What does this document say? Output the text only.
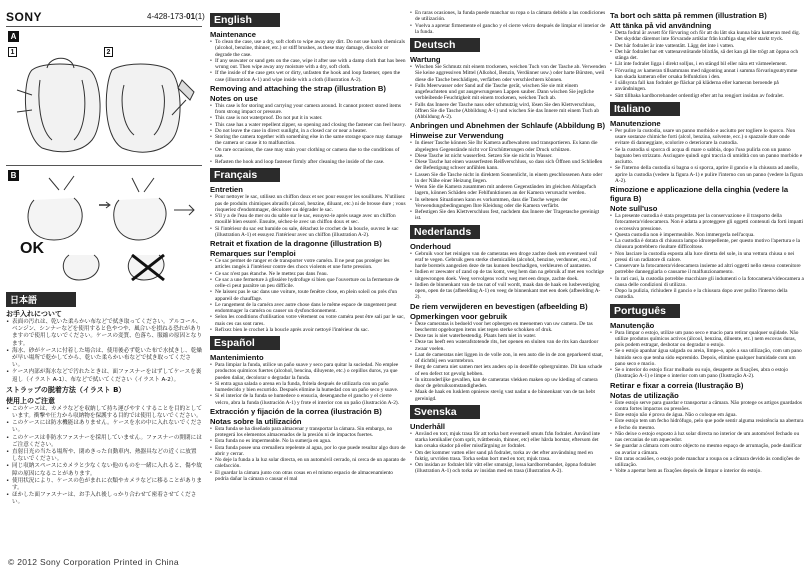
SONY	4-428-173-01(1)
A
1	2
B
OK
日本語
お手入れについて
• 表面の汚れは、乾いた柔らかい布などで拭き取ってください。アルコール、ベンジン、シンナーなどを使用すると色やつや、風合いを損ねる恐れがありますので使用しないでください。ケースの変質、色落ち、服縮の原因となります。
• 海水、砂がケースに付着した場合は、使用後必ず乾いた布で水拭きし、乾燥が早い場所で乾かしてから、乾いた柔らかい布などで拭き取ってください。
• ケース内部が海水などで汚れたときは、面ファスナーをはずしてケースを裏返し（イラスト A-1）、布などで拭いてください（イラスト A-2）。
ストラップの脱着方法（イラスト B）
使用上のご注意
• このケースは、カメラなどを収納して持ち運びやすくすることを目的としています。衝撃や圧力から収納物を保護する目的では使用しないでください。
• このケースには防水機能はありません。ケースを水の中に入れないでください。
• このケースは非防水ファスナーを採用していません。ファスナーの開閉にはご注意ください。
• 直射日光の当たる場所や、閉めきった自動車内、熱器具などの近くに放置しないでください。
• 同じ収納スペースにカメラと少なくない他のものを一緒に入れると、傷や故障の原因になることがあります。
• 使用状況により、ケースの色がまれに衣類やカメラなどに移ることがあります。
• ほかした面ファスナーは、お手入れ後しっかり合わせて密着させてください。
© 2012 Sony Corporation Printed in China
English
Maintenance
• To clean the case, use a dry, soft cloth to wipe away any dirt. Do not use harsh chemicals (alcohol, benzine, thinner, etc.) or stiff brushes, as these may damage, discolor or degrade the case.
• If any seawater or sand gets on the case, wipe it after use with a damp cloth that has been wrung out. Then wipe away any moisture with a dry, soft cloth.
• If the inside of the case gets wet or dirty, unfasten the hook and loop fastener, open the case (illustration A-1) and wipe inside with a cloth (illustration A-2).
Removing and attaching the strap (illustration B)
Notes on use
• This case is for storing and carrying your camera around. It cannot protect stored items from strong impact or pressure.
• This case is not waterproof. Do not put it in water.
• This case has a water repellent zipper, so opening and closing the fastener can feel heavy.
• Do not leave the case in direct sunlight, in a closed car or near a heater.
• Storing the camera together with something else in the same storage space may damage the camera or cause it to malfunction.
• On rare occasions, the case may stain your clothing or camera due to the conditions of use.
• Refasten the hook and loop fastener firmly after cleaning the inside of the case.
Français
Entretien
• Pour nettoyer le sac, utilisez un chiffon doux et sec pour essuyer les souillures. N'utilisez pas de produits chimiques abrasifs (alcool, benzine, diluant, etc.) ni de brosse dure ; vous risqueriez d'endommager, décolorer ou dégrader le sac.
• S'il y a de l'eau de mer ou du sable sur le sac, essuyez-le après usage avec un chiffon mouillé bien essoré. Ensuite, séchez-le avec un chiffon doux et sec.
• Si l'intérieur du sac est humide ou sale, détachez le crochet de la boucle, ouvrez le sac (illustration A-1) et essuyez l'intérieur avec un chiffon (illustration A-2).
Retrait et fixation de la dragonne (illustration B)
Remarques sur l'emploi
• Ce sac permet de ranger et de transporter votre caméra. Il ne peut pas protéger les articles rangés à l'intérieur contre des chocs violents et une forte pression.
• Ce sac n'est pas étanche. Ne le mettez pas dans l'eau.
• Ce sac a une fermeture à glissière hydrofuge si bien que l'ouverture ou la fermeture de celle-ci peut paraître un peu difficile.
• Ne laissez pas le sac dans une voiture, toute fenêtre close, en plein soleil ou près d'un appareil de chauffage.
• Le rangement de la caméra avec autre chose dans le même espace de rangement peut endommager la caméra ou causer un dysfonctionnement.
• Selon les conditions d'utilisation votre vêtement ou votre caméra peut être sali par le sac, mais ces cas sont rares.
• Refixez bien le crochet à la boucle après avoir nettoyé l'intérieur du sac.
Español
Mantenimiento
• Para limpiar la funda, utilice un paño suave y seco para quitar la suciedad. No emplee productos químicos fuertes (alcohol, bencina, diluyente, etc.) o cepillos duros, ya que pueden dañar, decolorar o degradar la funda.
• Si entra agua salada o arena en la funda, frótela después de utilizarla con un paño humedecido y bien escurrido. Después elimine la humedad con un paño seco y suave.
• Si el interior de la funda se humedece o ensucia, desenganche el gancho y el cierre velcro, abra la funda (ilustración A-1) y frote el interior con un paño (ilustración A-2).
Extracción y fijación de la correa (ilustración B)
Notas sobre la utilización
• Esta funda se ha diseñado para almacenar y transportar la cámara. Sin embargo, no protegerá los elementos almacenados de la presión ni de impactos fuertes.
• Esta funda no es impermeable. No la sumerja en agua.
• Esta funda posee una cremallera repelente al agua, por lo que puede resultar algo duro de abrir y cerrar.
• No deje la funda a la luz solar directa, en un automóvil cerrado, ni cerca de un aparato de calefacción.
• El guardar la cámara junto con otras cosas en el mismo espacio de almacenamiento podría dañar la cámara o causar el mal
• En raras ocasiones, la funda puede manchar su ropa o la cámara debido a las condiciones de utilización.
• Vuelva a apretar firmemente el gancho y el cierre velcro después de limpiar el interior de la funda.
Deutsch
Wartung
• Wischen Sie Schmutz mit einem trockenen, weichen Tuch von der Tasche ab. Verwenden Sie keine aggressiven Mittel (Alkohol, Benzin, Verdünner usw.) oder harte Bürsten, weil diese die Tasche beschädigen, verfärben oder verschlechtern können.
• Falls Meerwasser oder Sand auf die Tasche gerät, wischen Sie sie mit einem angefeuchteten und gut ausgewrungenen Lappen sauber. Dann wischen Sie jegliche verbleibende Feuchtigkeit mit einem trockenen, weichen Tuch ab.
• Falls das Innere der Tasche nass oder schmutzig wird, lösen Sie den Klettverschluss, öffnen Sie die Tasche (Abbildung A-1) und wischen Sie das Innere mit einem Tuch ab (Abbildung A-2).
Anbringen und Abnehmen der Schlaufe (Abbildung B)
Hinweise zur Verwendung
• In dieser Tasche können Sie Ihr Kamera aufbewahren und transportieren. Es kann die abgelegten Gegenstände nicht vor Erschütterungen oder Druck schützen.
• Diese Tasche ist nicht wasserfest. Setzen Sie sie nicht in Wasser.
• Diese Tasche hat einen wasserfesten Reißverschluss, so dass sich Öffnen und Schließen der Befestigung schwer anfühlen kann.
• Lassen Sie die Tasche nicht in direktem Sonnenlicht, in einem geschlossenen Auto oder in der Nähe einer Heizung liegen.
• Wenn Sie die Kamera zusammen mit anderen Gegenständen im gleichen Ablagefach lagern, können Schäden oder Fehlfunktionen an der Kamera verursacht werden.
• In seltenen Situationen kann es vorkommen, dass die Tasche wegen der Verwendungsbedingungen Ihre Kleidung oder die Kamera verfärbt.
• Befestigen Sie den Klettverschluss fest, nachdem das Innere der Tragetasche gereinigt ist.
Nederlands
Onderhoud
• Gebruik voor het reinigen van de cameratas een droge zachte doek om eventueel vuil eraf te vegen. Gebruik geen sterke chemicaliën (alcohol, benzine, verdunner, enz.) of harde borstels aangezien deze de tas kunnen beschadigen, verkleuren of aantasten.
• Indien er zeewater of zand op de tas komt, veeg hem dan na gebruik af met een vochtige uitgewrongen doek. Veeg vervolgens vocht weg met een droge, zachte doek.
• Indien de binnenkant van de tas nat of vuil wordt, maak dan de haak en lusbevestiging open, open de tas (afbeelding A-1) en veeg de binnenkant met een doek (afbeelding A-2).
De riem verwijderen en bevestigen (afbeelding B)
Opmerkingen voor gebruik
• Deze cameratas is bedoeld voor het opbergen en meenemen van uw camera. De tas beschermt opgeborgen items niet tegen sterke schokken of druk.
• Deze tas is niet waterbestendig. Plaats hem niet in water.
• Deze tas heeft een waterafstotende rits, het openen en sluiten van de rits kan daardoor zwaar voelen.
• Laat de cameratas niet liggen in de volle zon, in een auto die in de zon geparkeerd staat, of dichtbij een warmtebron.
• Berg de camera niet samen met iets anders op in dezelfde opbergruimte. Dit kan schade of een defect tot gevolg hebben.
• In uitzonderlijke gevallen, kan de cameratas vlekken maken op uw kleding of camera door de gebruiksomstandigheden.
• Maak de haak en lusklem opnieuw stevig vast nadat u de binnenkant van de tas hebt gereinigd.
Svenska
Underhåll
• Använd en torr, mjuk trasa för att torka bort eventuell smuts från fodralet. Använd inte starka kemikalier (som sprit, tvättbensin, thinner, etc) eller hårda borstar, eftersom det kan orsaka skador på eller missfärgning av fodralet.
• Om det kommer vatten eller sand på fodralet, torka av det efter användning med en fuktig, urvriden trasa. Torka sedan bort med en torr, mjuk trasa.
• Om insidan av fodralet blir vått eller smutsigt, lossa kardborrebandet, öppna fodralet (illustration A-1) och torka av insidan med en trasa (illustration A-2).
Ta bort och sätta på remmen (illustration B)
Att tänka på vid användning
• Detta fodral är avsett för förvaring och för att du lätt ska kunna bära kameran med dig. Det skyddar däremot inte förvarade artiklar från kraftiga slag eller starkt tryck.
• Det här fodralet är inte vattentätt. Lägg det inte i vatten.
• Det här fodralet har ett vattenavstötande blixtlås, så det kan gå lite trögt att öppna och stänga det.
• Lät inte fodralet ligga i direkt solljus, i en stängd bil eller nära ett värmeelement.
• Förvaring av kameran tillsammans med någonting annat i samma förvaringsutrymme kan skada kameran eller orsaka felfunktion i den.
• I sällsynta fall kan fodralet ge fläckar på kläderna eller kameran beroende på användningen.
• Sätt tillbaka kardborrebandet ordentligt efter att ha rengjort insidan av fodralet.
Italiano
Manutenzione
• Per pulire la custodia, usare un panno morbido e asciutto per togliere lo sporco. Non usare sostanze chimiche forti (alcol, benzina, solvente, ecc.) o spazzole dure onde evitare di danneggiare, scolorire o deteriorare la custodia.
• Se la custodia si sporca di acqua di mare o sabbia, dopo l'uso pulirla con un panno bagnato ben strizzato. Asciugare quindi ogni traccia di umidità con un panno morbido e asciutto.
• Se l'interno della custodia si bagna o si sporca, aprire il gancio e la chiusura ad anello, aprire la custodia (vedere la figura A-1) e pulire l'interno con un panno (vedere la figura A-2).
Rimozione e applicazione della cinghia (vedere la figura B)
Note sull'uso
• La presente custodia è stata progettata per la conservazione e il trasporto della fotocamera/videocamera. Non è adatta a proteggere gli oggetti contenuti da forti impatti o eccessiva pressione.
• Questa custodia non è impermeabile. Non immergerla nell'acqua.
• La custodia è dotata di chiusura lampo idrorepellente, per questo motivo l'apertura e la chiusura potrebbero risultare difficoltose.
• Non lasciare la custodia esposta alla luce diretta del sole, in una vettura chiusa o nei pressi di un radiatore di calore.
• Conservare la fotocamera/videocamera insieme ad altri oggetti nello stesso contenitore potrebbe danneggiarla o causarne il malfunzionamento.
• In rari casi, la custodia potrebbe macchiare gli indumenti o la fotocamera/videocamera a causa delle condizioni di utilizzo.
• Dopo la pulizia, richiudere il gancio e la chiusura dopo aver pulito l'interno della custodia.
Português
Manutenção
• Para limpar o estojo, utilize um pano seco e macio para retirar qualquer sujidade. Não utilize produtos químicos activos (álcool, benzina, diluente, etc.) nem escovas duras, pois podem estragar, desbotar ou degradar o estojo.
• Se o estojo apanhar água salgada ou areia, limpe-o, após a sua utilização, com um pano húmido seco que tenha sido espremido. Depois, elimine qualquer humidade com um pano seco e macio.
• Se o interior do estojo ficar molhado ou sujo, desaperte as fixações, abra o estojo (Ilustração A-1) e limpe o interior com um pano (Ilustração A-2).
Retirar e fixar a correia (Ilustração B)
Notas de utilização
• Este estojo serve para guardar e transportar a câmara. Não protege os artigos guardados contra fortes impactos ou pressões.
• Este estojo não é prova de água. Não o coloque em água.
• Este estojo tem um fecho hidrófugo, pelo que pode sentir alguma resistência na abertura e fecho do mesmo.
• Não deixe o estojo exposto à luz solar directa no interior de um automóvel fechado ou nas cercanias de um aquecedor.
• Se guardar a câmara com outro objecto no mesmo espaço de arrumação, pode danificar ou avariar a câmara.
• Em raras ocasiões, o estojo pode manchar a roupa ou a câmara devido às condições de utilização.
• Volte a apertar bem as fixações depois de limpar o interior do estojo.
